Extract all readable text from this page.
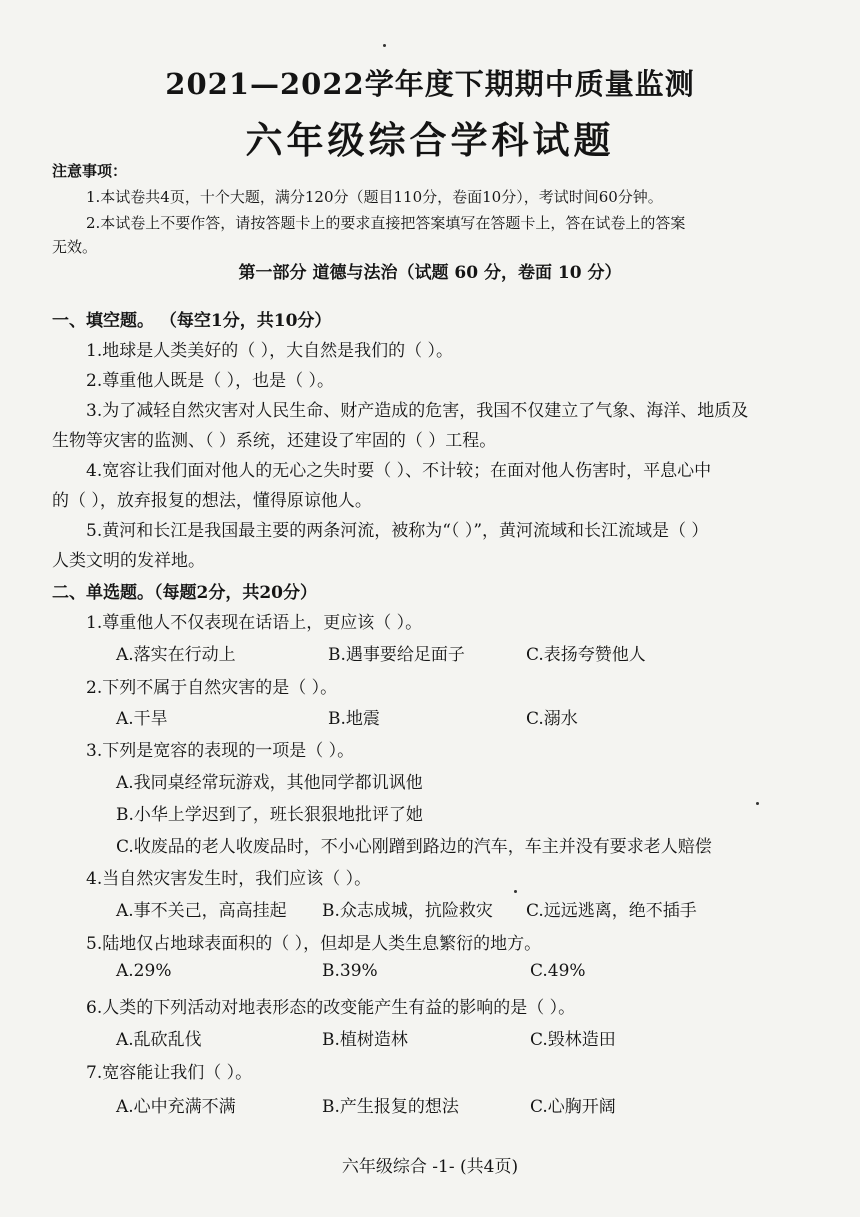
2021—2022学年度下期期中质量监测
六年级综合学科试题
注意事项：
1.本试卷共4页，十个大题，满分120分（题目110分，卷面10分），考试时间60分钟。
2.本试卷上不要作答，请按答题卡上的要求直接把答案填写在答题卡上，答在试卷上的答案
无效。
第一部分 道德与法治（试题 60 分，卷面 10 分）
一、填空题。 （每空1分，共10分）
1.地球是人类美好的（ ），大自然是我们的（ ）。
2.尊重他人既是（ ），也是（ ）。
3.为了减轻自然灾害对人民生命、财产造成的危害，我国不仅建立了气象、海洋、地质及
生物等灾害的监测、（ ）系统，还建设了牢固的（ ）工程。
4.宽容让我们面对他人的无心之失时要（ ）、不计较；在面对他人伤害时，平息心中
的（ ），放弃报复的想法，懂得原谅他人。
5.黄河和长江是我国最主要的两条河流，被称为“（ ）”，黄河流域和长江流域是（ ）
人类文明的发祥地。
二、单选题。（每题2分，共20分）
1.尊重他人不仅表现在话语上，更应该（ ）。
A.落实在行动上	B.遇事要给足面子	C.表扬夸赞他人
2.下列不属于自然灾害的是（ ）。
A.干旱	B.地震	C.溺水
3.下列是宽容的表现的一项是（ ）。
A.我同桌经常玩游戏，其他同学都讥讽他
B.小华上学迟到了，班长狠狠地批评了她
C.收废品的老人收废品时，不小心刚蹭到路边的汽车，车主并没有要求老人赔偿
4.当自然灾害发生时，我们应该（ ）。
A.事不关己，高高挂起 B.众志成城，抗险救灾 C.远远逃离，绝不插手
5.陆地仅占地球表面积的（ ），但却是人类生息繁衍的地方。
A.29%	B.39%	C.49%
6.人类的下列活动对地表形态的改变能产生有益的影响的是（ ）。
A.乱砍乱伐	B.植树造林	C.毁林造田
7.宽容能让我们（ ）。
A.心中充满不满	B.产生报复的想法	C.心胸开阔
六年级综合 -1- (共4页)
